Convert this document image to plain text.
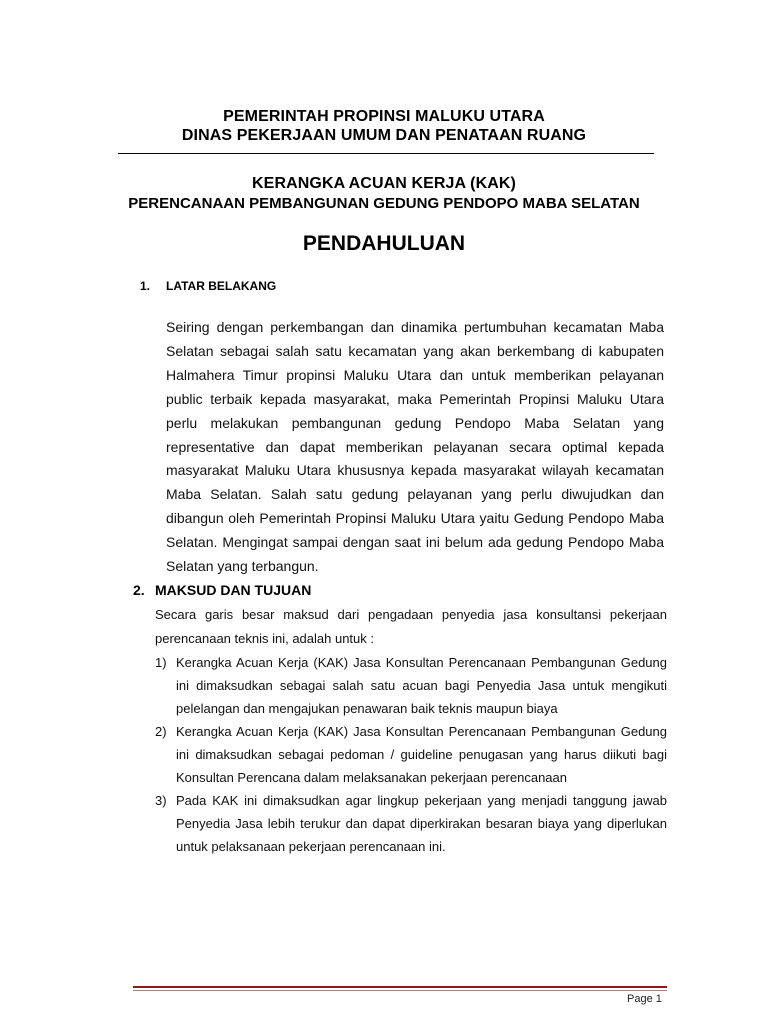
PEMERINTAH PROPINSI MALUKU UTARA
DINAS PEKERJAAN UMUM DAN PENATAAN RUANG
KERANGKA ACUAN KERJA (KAK)
PERENCANAAN PEMBANGUNAN GEDUNG PENDOPO MABA SELATAN
PENDAHULUAN
1. LATAR BELAKANG
Seiring dengan perkembangan dan dinamika pertumbuhan kecamatan Maba Selatan sebagai salah satu kecamatan yang akan berkembang di kabupaten Halmahera Timur propinsi Maluku Utara dan untuk memberikan pelayanan public terbaik kepada masyarakat, maka Pemerintah Propinsi Maluku Utara perlu melakukan pembangunan gedung Pendopo Maba Selatan yang representative dan dapat memberikan pelayanan secara optimal kepada masyarakat Maluku Utara khususnya kepada masyarakat wilayah kecamatan Maba Selatan. Salah satu gedung pelayanan yang perlu diwujudkan dan dibangun oleh Pemerintah Propinsi Maluku Utara yaitu Gedung Pendopo Maba Selatan. Mengingat sampai dengan saat ini belum ada gedung Pendopo Maba Selatan yang terbangun.
2. MAKSUD DAN TUJUAN
Secara garis besar maksud dari pengadaan penyedia jasa konsultansi pekerjaan perencanaan teknis ini, adalah untuk :
1) Kerangka Acuan Kerja (KAK) Jasa Konsultan Perencanaan Pembangunan Gedung ini dimaksudkan sebagai salah satu acuan bagi Penyedia Jasa untuk mengikuti pelelangan dan mengajukan penawaran baik teknis maupun biaya
2) Kerangka Acuan Kerja (KAK) Jasa Konsultan Perencanaan Pembangunan Gedung ini dimaksudkan sebagai pedoman / guideline penugasan yang harus diikuti bagi Konsultan Perencana dalam melaksanakan pekerjaan perencanaan
3) Pada KAK ini dimaksudkan agar lingkup pekerjaan yang menjadi tanggung jawab Penyedia Jasa lebih terukur dan dapat diperkirakan besaran biaya yang diperlukan untuk pelaksanaan pekerjaan perencanaan ini.
Page 1
